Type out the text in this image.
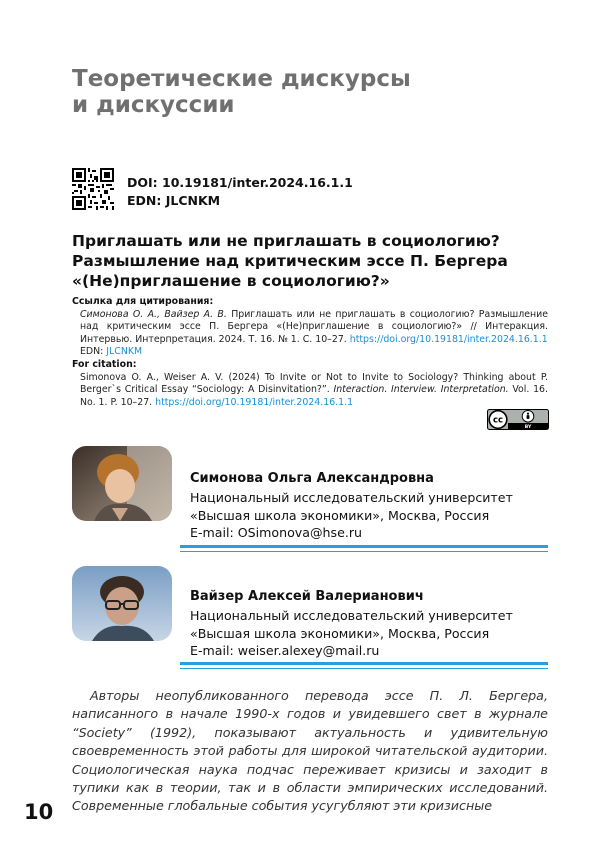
Теоретические дискурсы
и дискуссии
DOI: 10.19181/inter.2024.16.1.1
EDN: JLCNKM
Приглашать или не приглашать в социологию?
Размышление над критическим эссе П. Бергера
«(Не)приглашение в социологию?»
Ссылка для цитирования:
Симонова О. А., Вайзер А. В. Приглашать или не приглашать в социологию? Размышление над критическим эссе П. Бергера «(Не)приглашение в социологию?» // Интеракция. Интервью. Интерпретация. 2024. Т. 16. № 1. С. 10–27. https://doi.org/10.19181/inter.2024.16.1.1
EDN: JLCNKM
For citation:
Simonova O. A., Weiser A. V. (2024) To Invite or Not to Invite to Sociology? Thinking about P. Berger`s Critical Essay “Sociology: A Disinvitation?”. Interaction. Interview. Interpretation. Vol. 16. No. 1. P. 10–27. https://doi.org/10.19181/inter.2024.16.1.1
cc
BY
Симонова Ольга Александровна
Национальный исследовательский университет
«Высшая школа экономики», Москва, Россия
E-mail: OSimonova@hse.ru
Вайзер Алексей Валерианович
Национальный исследовательский университет
«Высшая школа экономики», Москва, Россия
E-mail: weiser.alexey@mail.ru
Авторы неопубликованного перевода эссе П. Л. Бергера, написанного в начале 1990-х годов и увидевшего свет в журнале “Society” (1992), показывают актуальность и удивительную своевременность этой работы для широкой читательской аудитории. Социологическая наука подчас переживает кризисы и заходит в тупики как в теории, так и в области эмпирических исследований. Современные глобальные события усугубляют эти кризисные
10
